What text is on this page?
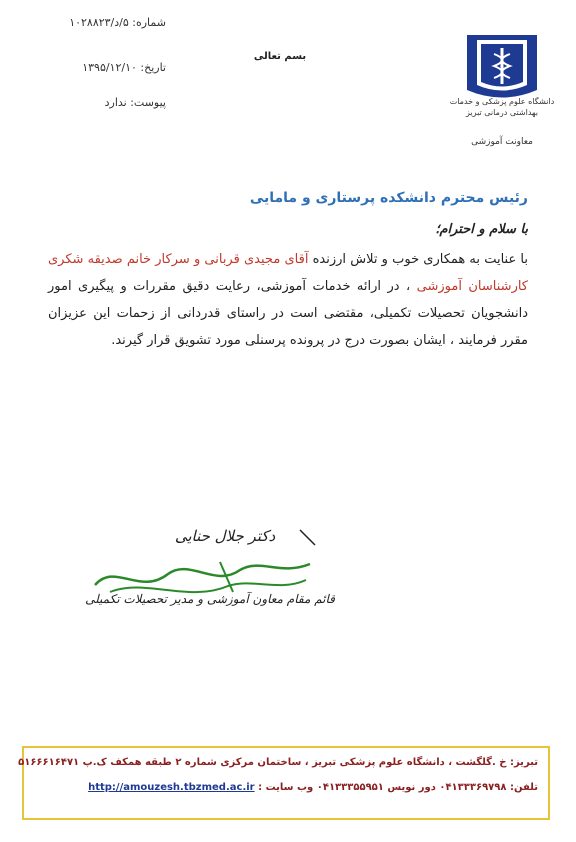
شماره: ۵/د/۱۰۲۸۸۲۳
تاریخ: ۱۳۹۵/۱۲/۱۰
پیوست: ندارد
بسم تعالی
دانشگاه علوم پزشکی و خدمات بهداشتی درمانی تبریز
معاونت آموزشی
رئیس محترم دانشکده پرستاری و مامایی
با سلام و احترام؛
با عنایت به همکاری خوب و تلاش ارزنده آقای مجیدی قربانی و سرکار خانم صدیقه شکری کارشناسان آموزشی ، در ارائه خدمات آموزشی، رعایت دقیق مقررات و پیگیری امور دانشجویان تحصیلات تکمیلی، مقتضی است در راستای قدردانی از زحمات این عزیزان مقرر فرمایند ، ایشان بصورت درج در پرونده پرسنلی مورد تشویق قرار گیرند.
دکتر جلال حنایی
قائم مقام معاون آموزشی و مدیر تحصیلات تکمیلی
تبریز: خ .گلگشت ، دانشگاه علوم پزشکی تبریز ، ساختمان مرکزی شماره ۲ طبقه همکف ک.پ ۵۱۶۶۶۱۶۴۷۱
تلفن: ۰۴۱۳۳۳۶۹۷۹۸ دور نویس ۰۴۱۳۳۳۵۵۹۵۱ وب سایت : http://amouzesh.tbzmed.ac.ir
